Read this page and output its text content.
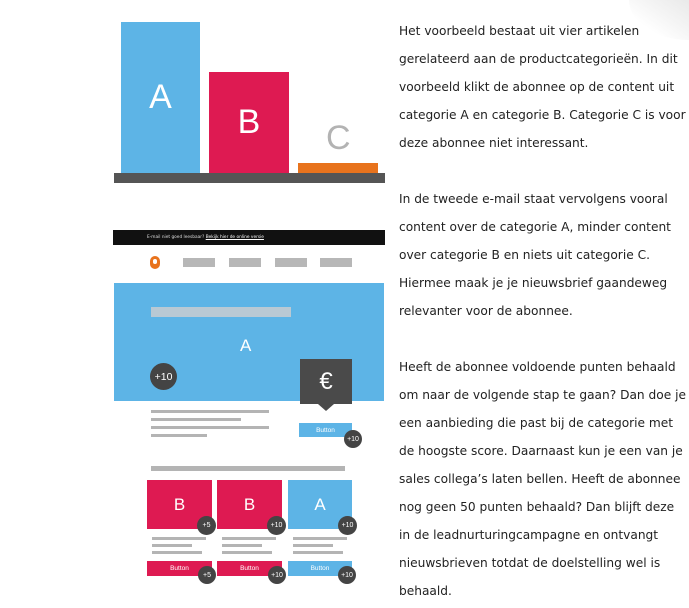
A
B C
E-mail niet goed leesbaar? Bekijk hier de online versie
A
+10	€
Button
+10
B
+5
B
+10
A
+10
Button
+5
Button
+10
Button
+10

Het voorbeeld bestaat uit vier artikelen
gerelateerd aan de productcategorieën. In dit
voorbeeld klikt de abonnee op de content uit
categorie A en categorie B. Categorie C is voor
deze abonnee niet interessant.

In de tweede e-mail staat vervolgens vooral
content over de categorie A, minder content
over categorie B en niets uit categorie C.
Hiermee maak je je nieuwsbrief gaandeweg
relevanter voor de abonnee.

Heeft de abonnee voldoende punten behaald
om naar de volgende stap te gaan? Dan doe je
een aanbieding die past bij de categorie met
de hoogste score. Daarnaast kun je een van je
sales collega’s laten bellen. Heeft de abonnee
nog geen 50 punten behaald? Dan blijft deze
in de leadnurturingcampagne en ontvangt
nieuwsbrieven totdat de doelstelling wel is
behaald.
